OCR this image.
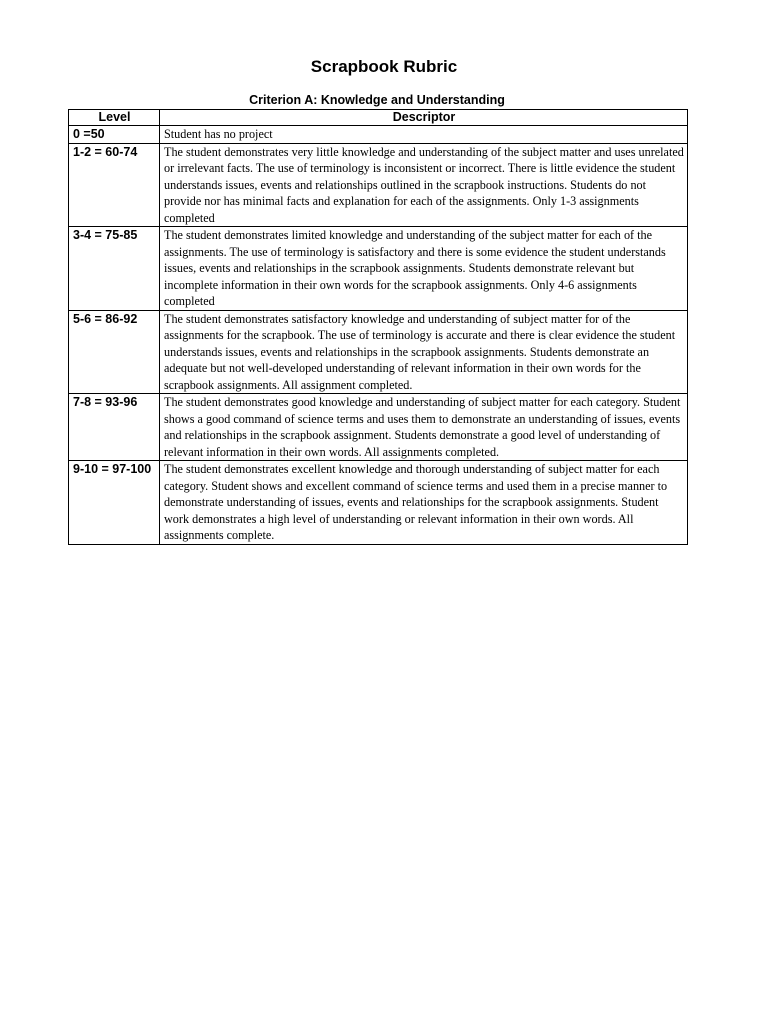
Scrapbook Rubric
Criterion A: Knowledge and Understanding
Level	Descriptor
0 =50	Student has no project
1-2 = 60-74	The student demonstrates very little knowledge and understanding of the subject matter and uses unrelated or irrelevant facts. The use of terminology is inconsistent or incorrect. There is little evidence the student understands issues, events and relationships outlined in the scrapbook instructions. Students do not provide nor has minimal facts and explanation for each of the assignments. Only 1-3 assignments completed
3-4 = 75-85	The student demonstrates limited knowledge and understanding of the subject matter for each of the assignments. The use of terminology is satisfactory and there is some evidence the student understands issues, events and relationships in the scrapbook assignments. Students demonstrate relevant but incomplete information in their own words for the scrapbook assignments. Only 4-6 assignments completed
5-6 = 86-92	The student demonstrates satisfactory knowledge and understanding of subject matter for of the assignments for the scrapbook. The use of terminology is accurate and there is clear evidence the student understands issues, events and relationships in the scrapbook assignments. Students demonstrate an adequate but not well-developed understanding of relevant information in their own words for the scrapbook assignments. All assignment completed.
7-8 = 93-96	The student demonstrates good knowledge and understanding of subject matter for each category. Student shows a good command of science terms and uses them to demonstrate an understanding of issues, events and relationships in the scrapbook assignment. Students demonstrate a good level of understanding of relevant information in their own words. All assignments completed.
9-10 = 97-100	The student demonstrates excellent knowledge and thorough understanding of subject matter for each category. Student shows and excellent command of science terms and used them in a precise manner to demonstrate understanding of issues, events and relationships for the scrapbook assignments. Student work demonstrates a high level of understanding or relevant information in their own words. All assignments complete.
